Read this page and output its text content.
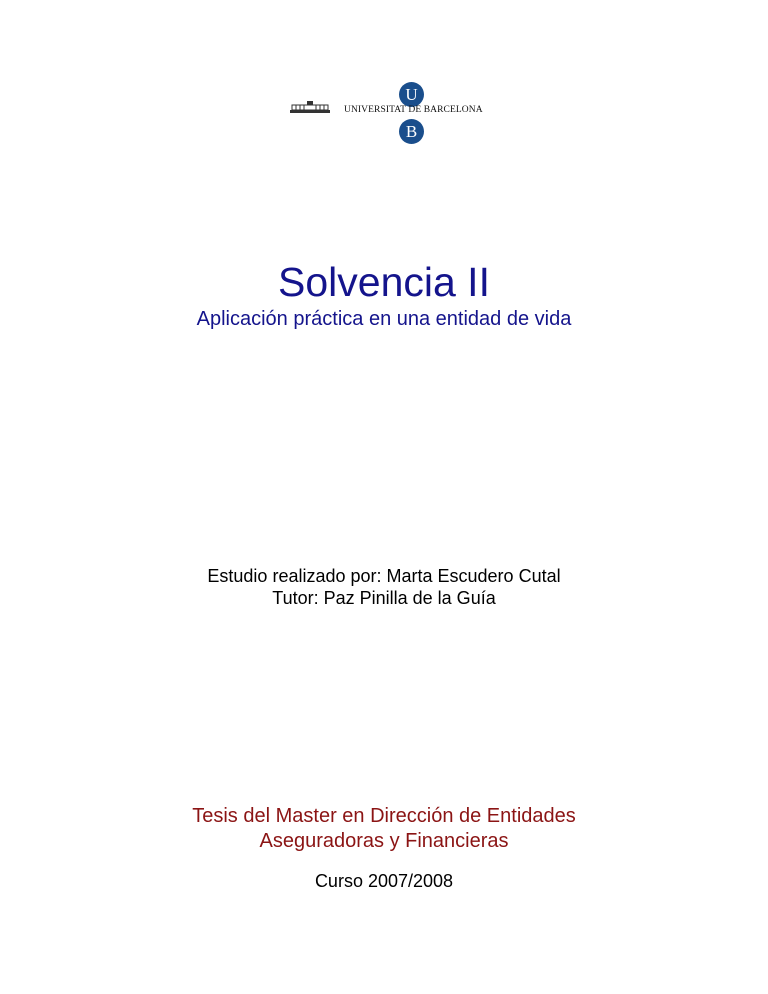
U
UNIVERSITAT DE BARCELONA
B
Solvencia II
Aplicación práctica en una entidad de vida
Estudio realizado por: Marta Escudero Cutal
Tutor: Paz Pinilla de la Guía
Tesis del Master en Dirección de Entidades
Aseguradoras y Financieras
Curso 2007/2008
